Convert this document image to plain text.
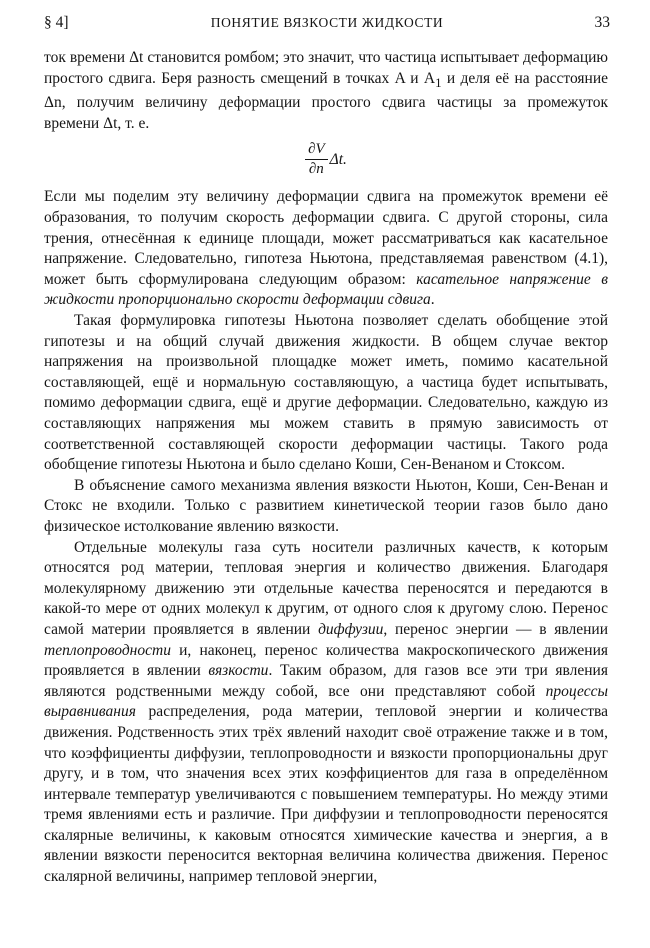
§ 4]	ПОНЯТИЕ ВЯЗКОСТИ ЖИДКОСТИ	33

ток времени Δt становится ромбом; это значит, что частица испытывает деформацию простого сдвига. Беря разность смещений в точках A и $A_1$ и деля её на расстояние Δn, получим величину деформации простого сдвига частицы за промежуток времени Δt, т. е.

$\frac{\partial V}{\partial n} \Delta t$.

Если мы поделим эту величину деформации сдвига на промежуток времени её образования, то получим скорость деформации сдвига. С другой стороны, сила трения, отнесённая к единице площади, может рассматриваться как касательное напряжение. Следовательно, гипотеза Ньютона, представляемая равенством (4.1), может быть сформулирована следующим образом: касательное напряжение в жидкости пропорционально скорости деформации сдвига.

Такая формулировка гипотезы Ньютона позволяет сделать обобщение этой гипотезы и на общий случай движения жидкости. В общем случае вектор напряжения на произвольной площадке может иметь, помимо касательной составляющей, ещё и нормальную составляющую, а частица будет испытывать, помимо деформации сдвига, ещё и другие деформации. Следовательно, каждую из составляющих напряжения мы можем ставить в прямую зависимость от соответственной составляющей скорости деформации частицы. Такого рода обобщение гипотезы Ньютона и было сделано Коши, Сен-Венаном и Стоксом.

В объяснение самого механизма явления вязкости Ньютон, Коши, Сен-Венан и Стокс не входили. Только с развитием кинетической теории газов было дано физическое истолкование явлению вязкости.

Отдельные молекулы газа суть носители различных качеств, к которым относятся род материи, тепловая энергия и количество движения. Благодаря молекулярному движению эти отдельные качества переносятся и передаются в какой-то мере от одних молекул к другим, от одного слоя к другому слою. Перенос самой материи проявляется в явлении диффузии, перенос энергии — в явлении теплопроводности и, наконец, перенос количества макроскопического движения проявляется в явлении вязкости. Таким образом, для газов все эти три явления являются родственными между собой, все они представляют собой процессы выравнивания распределения, рода материи, тепловой энергии и количества движения. Родственность этих трёх явлений находит своё отражение также и в том, что коэффициенты диффузии, теплопроводности и вязкости пропорциональны друг другу, и в том, что значения всех этих коэффициентов для газа в определённом интервале температур увеличиваются с повышением температуры. Но между этими тремя явлениями есть и различие. При диффузии и теплопроводности переносятся скалярные величины, к каковым относятся химические качества и энергия, а в явлении вязкости переносится векторная величина количества движения. Перенос скалярной величины, например тепловой энергии,
